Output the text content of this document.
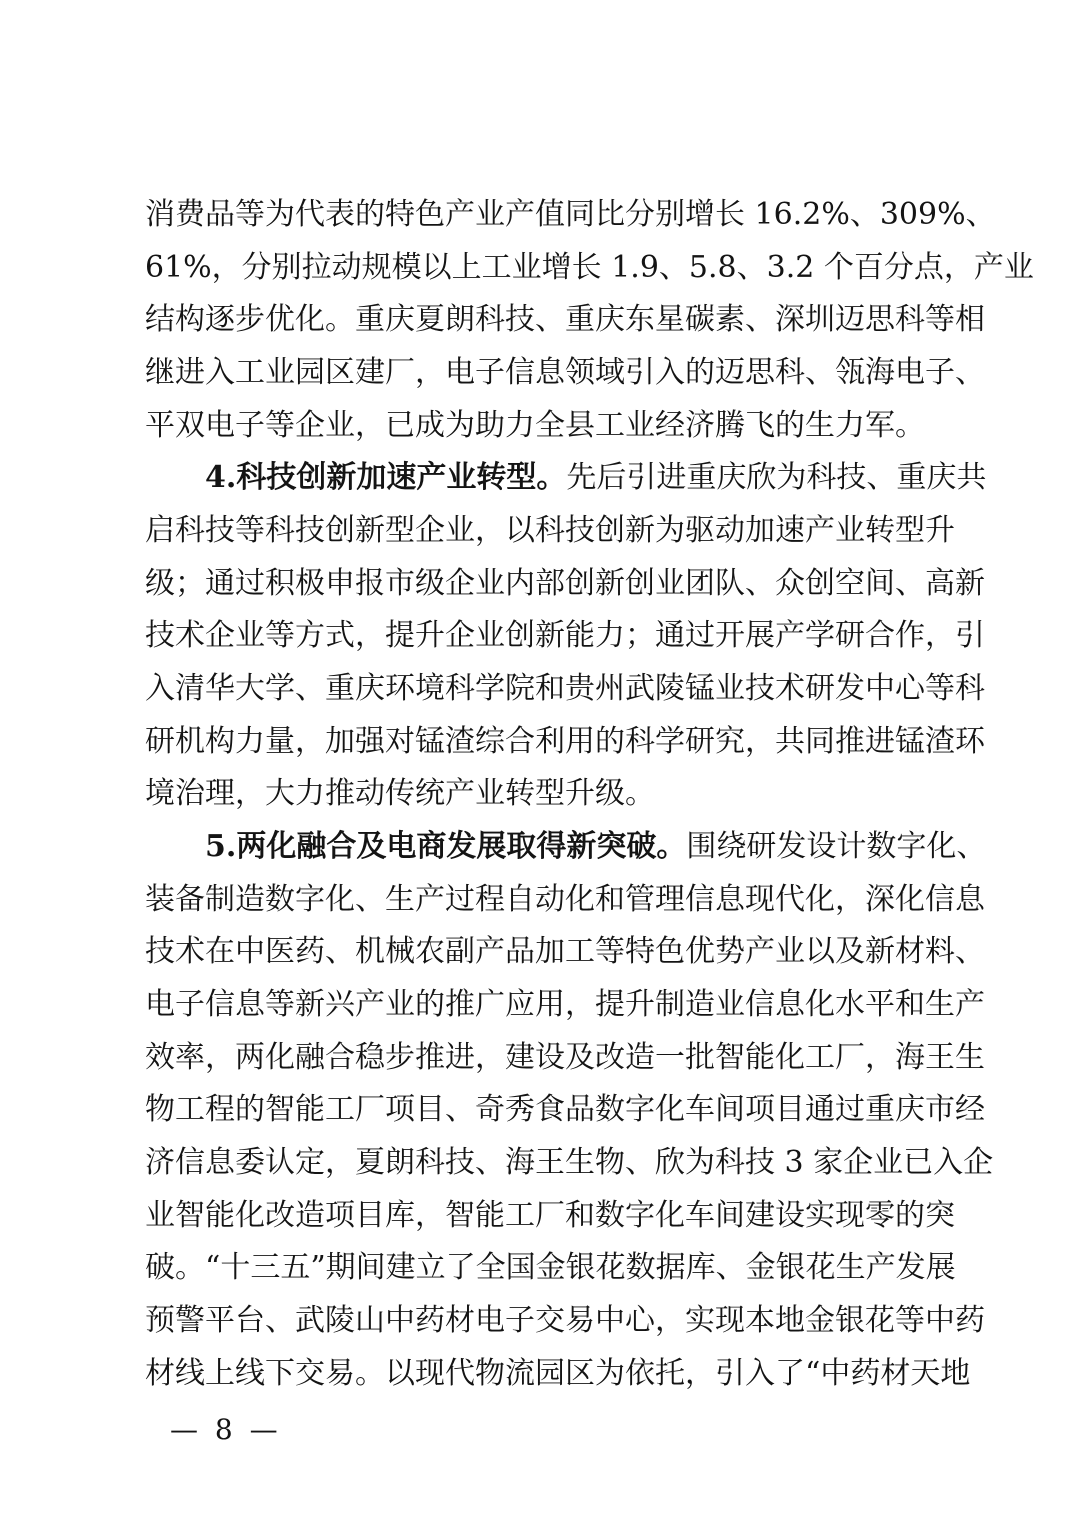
消费品等为代表的特色产业产值同比分别增长 16.2%、309%、
61%，分别拉动规模以上工业增长 1.9、5.8、3.2 个百分点，产业
结构逐步优化。重庆夏朗科技、重庆东星碳素、深圳迈思科等相
继进入工业园区建厂，电子信息领域引入的迈思科、瓴海电子、
平双电子等企业，已成为助力全县工业经济腾飞的生力军。
4.科技创新加速产业转型。先后引进重庆欣为科技、重庆共
启科技等科技创新型企业，以科技创新为驱动加速产业转型升
级；通过积极申报市级企业内部创新创业团队、众创空间、高新
技术企业等方式，提升企业创新能力；通过开展产学研合作，引
入清华大学、重庆环境科学院和贵州武陵锰业技术研发中心等科
研机构力量，加强对锰渣综合利用的科学研究，共同推进锰渣环
境治理，大力推动传统产业转型升级。
5.两化融合及电商发展取得新突破。围绕研发设计数字化、
装备制造数字化、生产过程自动化和管理信息现代化，深化信息
技术在中医药、机械农副产品加工等特色优势产业以及新材料、
电子信息等新兴产业的推广应用，提升制造业信息化水平和生产
效率，两化融合稳步推进，建设及改造一批智能化工厂，海王生
物工程的智能工厂项目、奇秀食品数字化车间项目通过重庆市经
济信息委认定，夏朗科技、海王生物、欣为科技 3 家企业已入企
业智能化改造项目库，智能工厂和数字化车间建设实现零的突
破。“十三五”期间建立了全国金银花数据库、金银花生产发展
预警平台、武陵山中药材电子交易中心，实现本地金银花等中药
材线上线下交易。以现代物流园区为依托，引入了“中药材天地
— 8 —
